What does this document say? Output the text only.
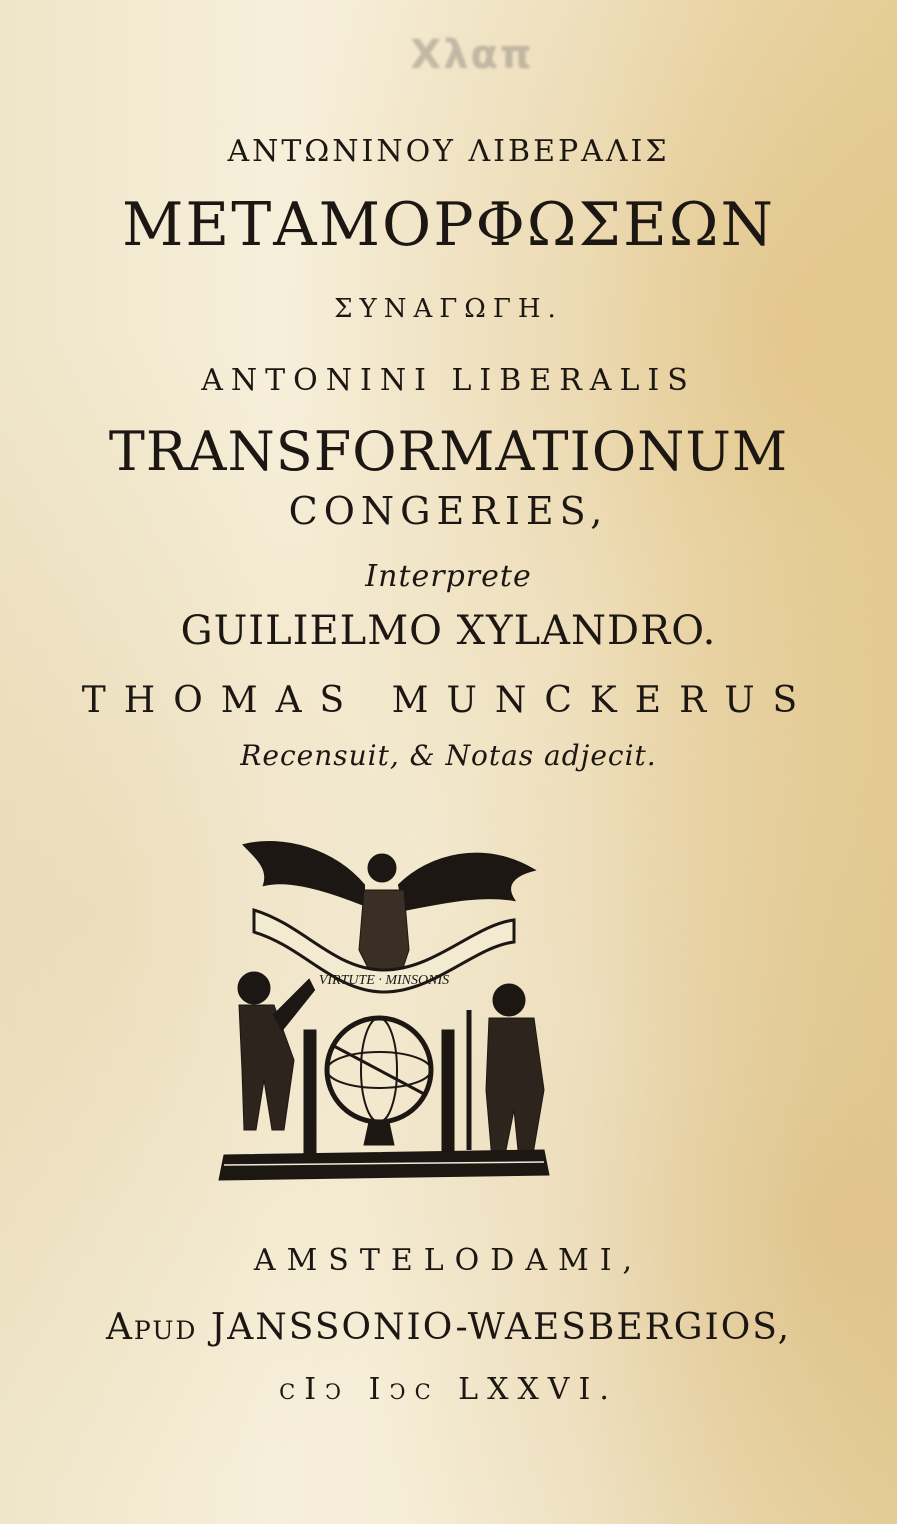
Χλαπ
ΑΝΤΩΝΙΝΟΥ ΛΙΒΕΡΑΛΙΣ
ΜΕΤΑΜΟΡΦΩΣΕΩΝ
ΣΥΝΑΓΩΓΗ.
ANTONINI LIBERALIS
TRANSFORMATIONUM
CONGERIES,
Interprete
GUILIELMO XYLANDRO.
THOMAS MUNCKERUS
Recensuit, & Notas adjecit.
VIRTUTE · MINSONIS
AMSTELODAMI,
Apud JANSSONIO-WAESBERGIOS,
cIↄ Iↄc LXXVI.
